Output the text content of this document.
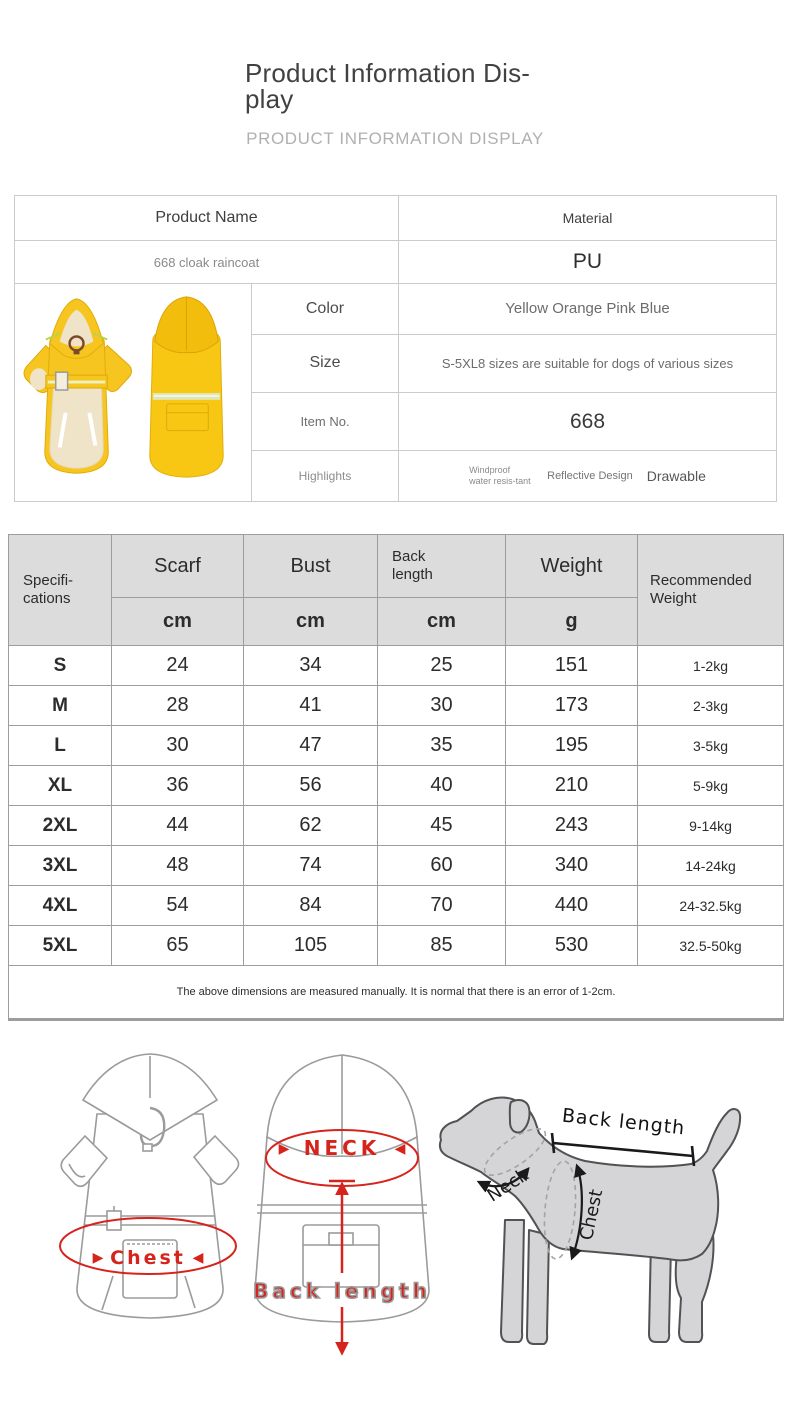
Product Information Dis-
play
PRODUCT INFORMATION DISPLAY
Product Name		Material
668 cloak raincoat		PU
	Color	Yellow Orange Pink Blue
	Size	S-5XL8 sizes are suitable for dogs of various sizes
	Item No.	668
	Highlights	Windproof water resis-tant Reflective Design Drawable
Specifi-cations	Scarf	Bust	Back length	Weight	Recommended Weight

	cm	cm	cm	g	
S	24	34	25	151	1-2kg
M	28	41	30	173	2-3kg
L	30	47	35	195	3-5kg
XL	36	56	40	210	5-9kg
2XL	44	62	45	243	9-14kg
3XL	48	74	60	340	14-24kg
4XL	54	84	70	440	24-32.5kg
5XL	65	105	85	530	32.5-50kg
The above dimensions are measured manually. It is normal that there is an error of 1-2cm.					
Chest
▶	◀
NECK
▶	◀
Back length
Back length
Neck
Chest
